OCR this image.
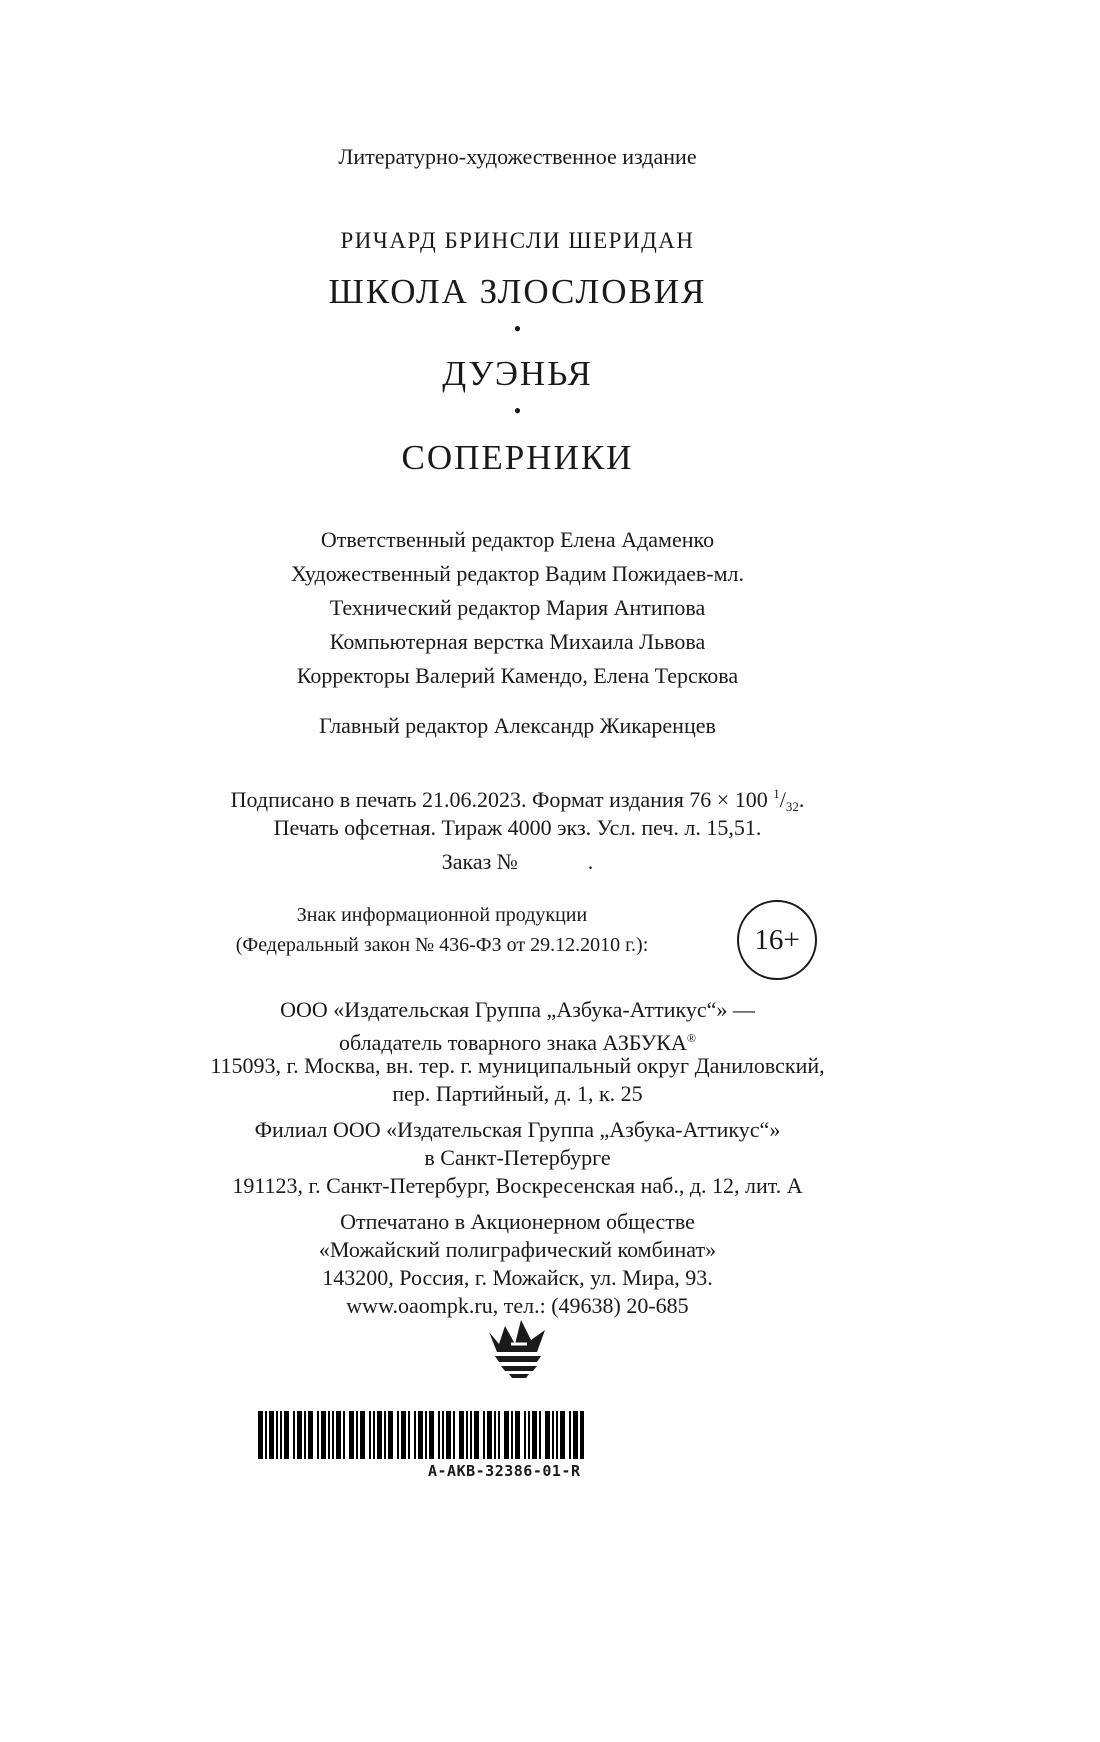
Литературно-художественное издание
РИЧАРД БРИНСЛИ ШЕРИДАН
ШКОЛА ЗЛОСЛОВИЯ
•
ДУЭНЬЯ
•
СОПЕРНИКИ
Ответственный редактор Елена Адаменко
Художественный редактор Вадим Пожидаев-мл.
Технический редактор Мария Антипова
Компьютерная верстка Михаила Львова
Корректоры Валерий Камендо, Елена Терскова
Главный редактор Александр Жикаренцев
Подписано в печать 21.06.2023. Формат издания 76 × 100 $^1/_{32}$.
Печать офсетная. Тираж 4000 экз. Усл. печ. л. 15,51.
Заказ №	.
Знак информационной продукции
(Федеральный закон № 436-ФЗ от 29.12.2010 г.):	16+
ООО «Издательская Группа „Азбука-Аттикус“» —
обладатель товарного знака АЗБУКА®
115093, г. Москва, вн. тер. г. муниципальный округ Даниловский,
пер. Партийный, д. 1, к. 25
Филиал ООО «Издательская Группа „Азбука-Аттикус“»
в Санкт-Петербурге
191123, г. Санкт-Петербург, Воскресенская наб., д. 12, лит. А
Отпечатано в Акционерном обществе
«Можайский полиграфический комбинат»
143200, Россия, г. Можайск, ул. Мира, 93.
www.oaompk.ru, тел.: (49638) 20-685
A-AKB-32386-01-R
